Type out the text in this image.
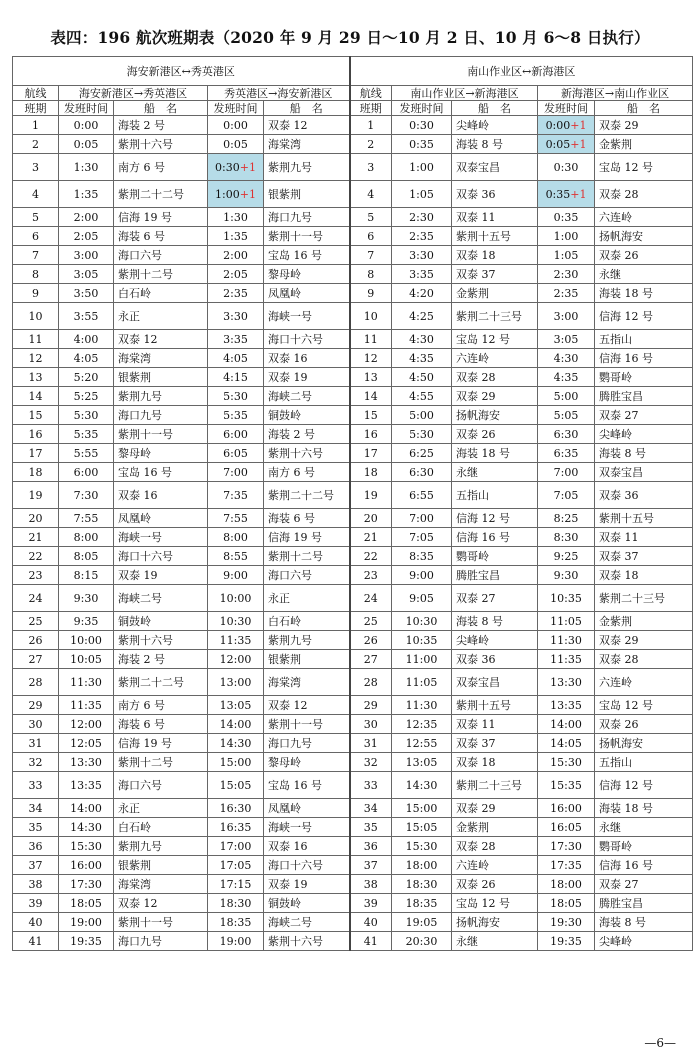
表四：196 航次班期表（2020 年 9 月 29 日～10 月 2 日、10 月 6～8 日执行）
海安新港区↔秀英港区					南山作业区↔新海港区				
航线	海安新港区→秀英港区		秀英港区→海安新港区		航线	南山作业区→新海港区		新海港区→南山作业区	
班期	发班时间	船　名	发班时间	船　名	班期	发班时间	船　名	发班时间	船　名
1	0:00	海装 2 号	0:00	双泰 12	1	0:30	尖峰岭	0:00+1	双泰 29
2	0:05	紫荆十六号	0:05	海棠湾	2	0:35	海装 8 号	0:05+1	金紫荆
3	1:30	南方 6 号	0:30+1	紫荆九号	3	1:00	双泰宝昌	0:30	宝岛 12 号
4	1:35	紫荆二十二号	1:00+1	银紫荆	4	1:05	双泰 36	0:35+1	双泰 28
5	2:00	信海 19 号	1:30	海口九号	5	2:30	双泰 11	0:35	六连岭
6	2:05	海装 6 号	1:35	紫荆十一号	6	2:35	紫荆十五号	1:00	扬帆海安
7	3:00	海口六号	2:00	宝岛 16 号	7	3:30	双泰 18	1:05	双泰 26
8	3:05	紫荆十二号	2:05	黎母岭	8	3:35	双泰 37	2:30	永继
9	3:50	白石岭	2:35	凤凰岭	9	4:20	金紫荆	2:35	海装 18 号
10	3:55	永正	3:30	海峡一号	10	4:25	紫荆二十三号	3:00	信海 12 号
11	4:00	双泰 12	3:35	海口十六号	11	4:30	宝岛 12 号	3:05	五指山
12	4:05	海棠湾	4:05	双泰 16	12	4:35	六连岭	4:30	信海 16 号
13	5:20	银紫荆	4:15	双泰 19	13	4:50	双泰 28	4:35	鹦哥岭
14	5:25	紫荆九号	5:30	海峡二号	14	4:55	双泰 29	5:00	腾胜宝昌
15	5:30	海口九号	5:35	铜鼓岭	15	5:00	扬帆海安	5:05	双泰 27
16	5:35	紫荆十一号	6:00	海装 2 号	16	5:30	双泰 26	6:30	尖峰岭
17	5:55	黎母岭	6:05	紫荆十六号	17	6:25	海装 18 号	6:35	海装 8 号
18	6:00	宝岛 16 号	7:00	南方 6 号	18	6:30	永继	7:00	双泰宝昌
19	7:30	双泰 16	7:35	紫荆二十二号	19	6:55	五指山	7:05	双泰 36
20	7:55	凤凰岭	7:55	海装 6 号	20	7:00	信海 12 号	8:25	紫荆十五号
21	8:00	海峡一号	8:00	信海 19 号	21	7:05	信海 16 号	8:30	双泰 11
22	8:05	海口十六号	8:55	紫荆十二号	22	8:35	鹦哥岭	9:25	双泰 37
23	8:15	双泰 19	9:00	海口六号	23	9:00	腾胜宝昌	9:30	双泰 18
24	9:30	海峡二号	10:00	永正	24	9:05	双泰 27	10:35	紫荆二十三号
25	9:35	铜鼓岭	10:30	白石岭	25	10:30	海装 8 号	11:05	金紫荆
26	10:00	紫荆十六号	11:35	紫荆九号	26	10:35	尖峰岭	11:30	双泰 29
27	10:05	海装 2 号	12:00	银紫荆	27	11:00	双泰 36	11:35	双泰 28
28	11:30	紫荆二十二号	13:00	海棠湾	28	11:05	双泰宝昌	13:30	六连岭
29	11:35	南方 6 号	13:05	双泰 12	29	11:30	紫荆十五号	13:35	宝岛 12 号
30	12:00	海装 6 号	14:00	紫荆十一号	30	12:35	双泰 11	14:00	双泰 26
31	12:05	信海 19 号	14:30	海口九号	31	12:55	双泰 37	14:05	扬帆海安
32	13:30	紫荆十二号	15:00	黎母岭	32	13:05	双泰 18	15:30	五指山
33	13:35	海口六号	15:05	宝岛 16 号	33	14:30	紫荆二十三号	15:35	信海 12 号
34	14:00	永正	16:30	凤凰岭	34	15:00	双泰 29	16:00	海装 18 号
35	14:30	白石岭	16:35	海峡一号	35	15:05	金紫荆	16:05	永继
36	15:30	紫荆九号	17:00	双泰 16	36	15:30	双泰 28	17:30	鹦哥岭
37	16:00	银紫荆	17:05	海口十六号	37	18:00	六连岭	17:35	信海 16 号
38	17:30	海棠湾	17:15	双泰 19	38	18:30	双泰 26	18:00	双泰 27
39	18:05	双泰 12	18:30	铜鼓岭	39	18:35	宝岛 12 号	18:05	腾胜宝昌
40	19:00	紫荆十一号	18:35	海峡二号	40	19:05	扬帆海安	19:30	海装 8 号
41	19:35	海口九号	19:00	紫荆十六号	41	20:30	永继	19:35	尖峰岭
—6—
